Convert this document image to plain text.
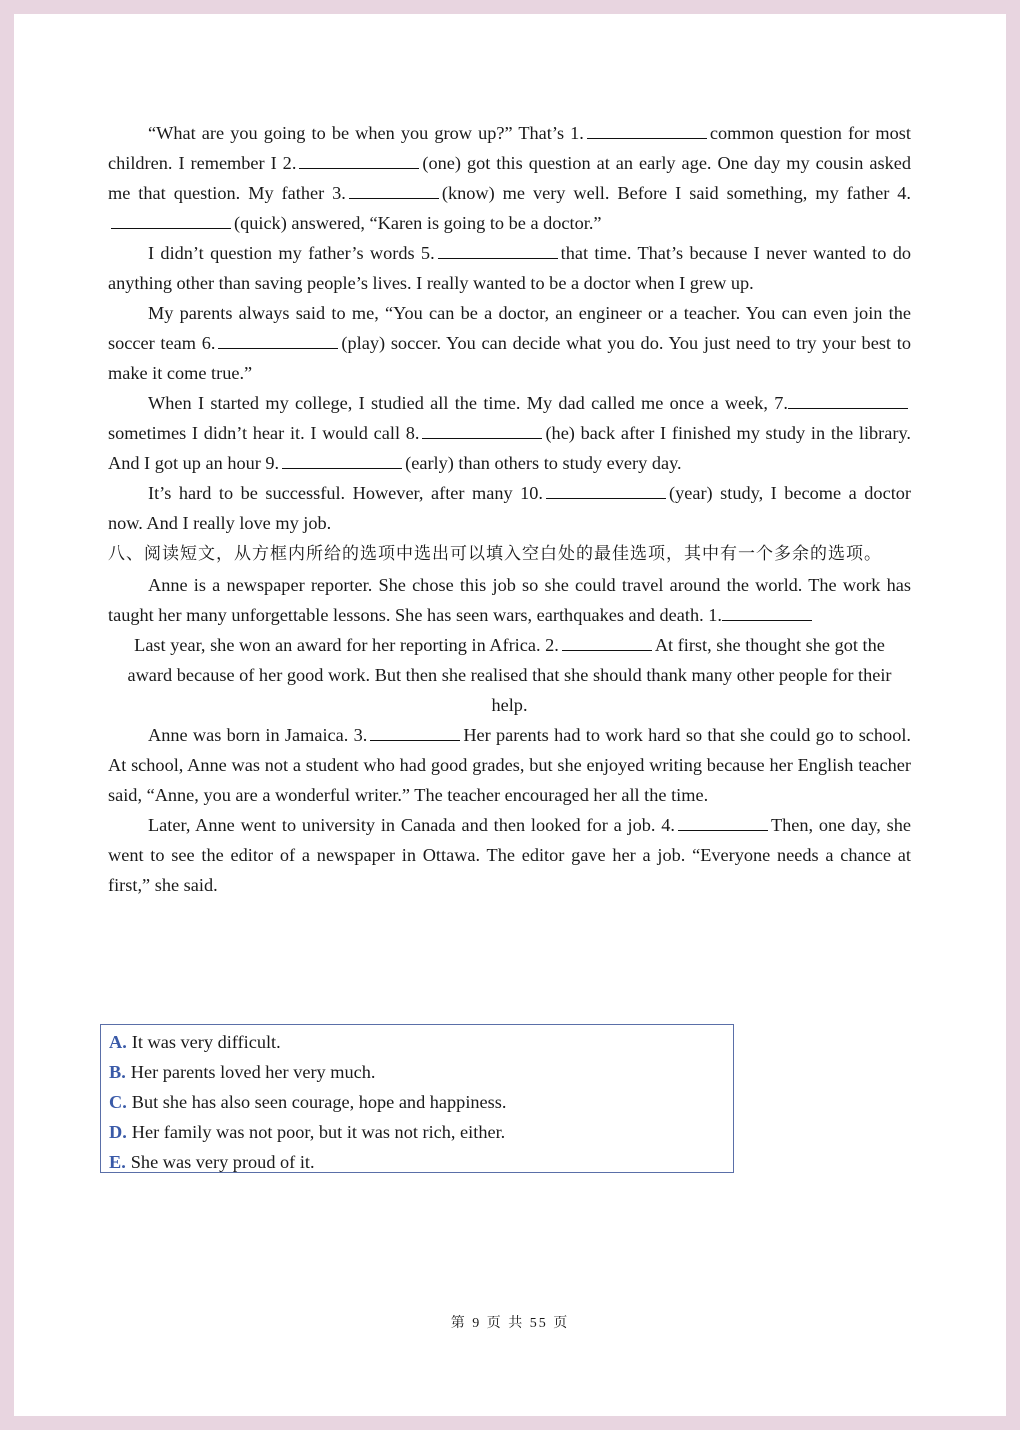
“What are you going to be when you grow up?” That’s 1.	common question for most children. I remember I 2.	(one) got this question at an early age. One day my cousin asked me that question. My father 3.	(know) me very well. Before I said something, my father 4.(quick) answered, “Karen is going to be a doctor.”

I didn’t question my father’s words 5.	that time. That’s because I never wanted to do anything other than saving people’s lives. I really wanted to be a doctor when I grew up.

My parents always said to me, “You can be a doctor, an engineer or a teacher. You can even join the soccer team 6.	(play) soccer. You can decide what you do. You just need to try your best to make it come true.”

When I started my college, I studied all the time. My dad called me once a week, 7.sometimes I didn’t hear it. I would call 8.	(he) back after I finished my study in the library. And I got up an hour 9.	(early) than others to study every day.

It’s hard to be successful. However, after many 10.	(year) study, I become a doctor now. And I really love my job.

八、阅读短文，从方框内所给的选项中选出可以填入空白处的最佳选项，其中有一个多余的选项。

Anne is a newspaper reporter. She chose this job so she could travel around the world. The work has taught her many unforgettable lessons. She has seen wars, earthquakes and death. 1.

Last year, she won an award for her reporting in Africa. 2.	At first, she thought she got the award because of her good work. But then she realised that she should thank many other people for their help.

Anne was born in Jamaica. 3.	Her parents had to work hard so that she could go to school. At school, Anne was not a student who had good grades, but she enjoyed writing because her English teacher said, “Anne, you are a wonderful writer.” The teacher encouraged her all the time.

Later, Anne went to university in Canada and then looked for a job. 4.	Then, one day, she went to see the editor of a newspaper in Ottawa. The editor gave her a job. “Everyone needs a chance at first,” she said.

A. It was very difficult.
B. Her parents loved her very much.
C. But she has also seen courage, hope and happiness.
D. Her family was not poor, but it was not rich, either.
E. She was very proud of it.
第 9 页 共 55 页
